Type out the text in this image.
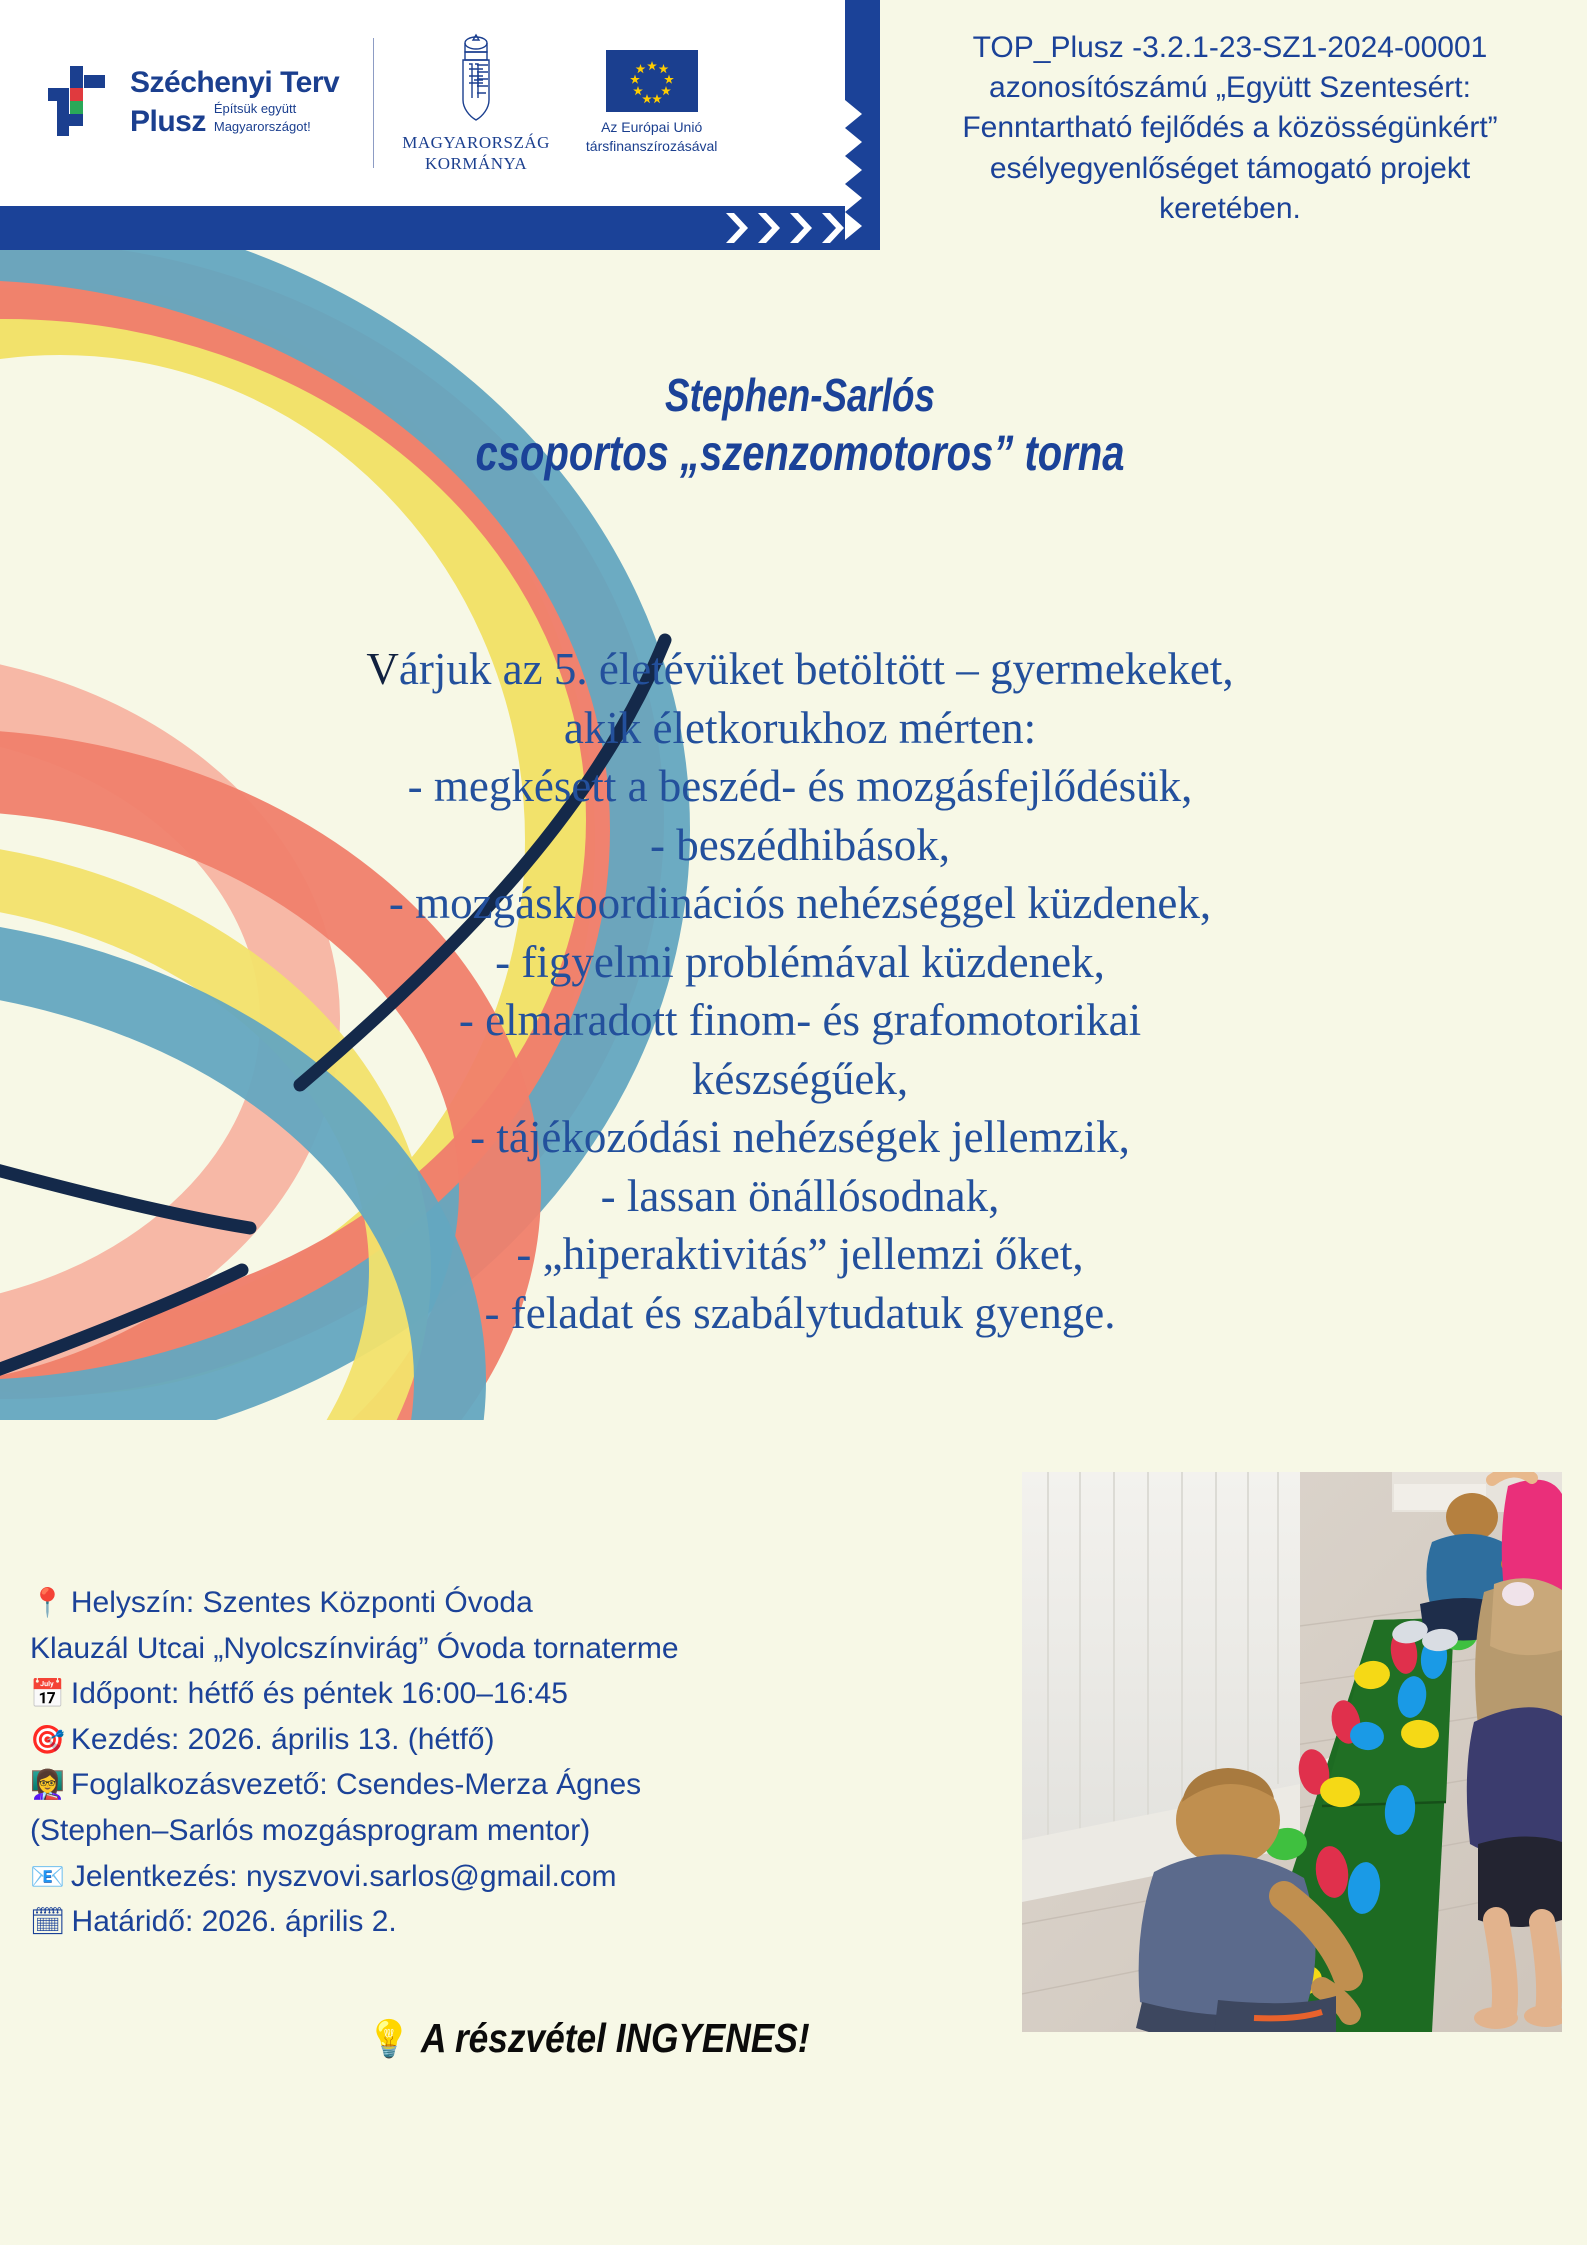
Széchenyi Terv
Plusz Építsük együtt
Magyarországot!
MAGYARORSZÁG
KORMÁNYA
Az Európai Unió
társfinanszírozásával
TOP_Plusz -3.2.1-23-SZ1-2024-00001
azonosítószámú „Együtt Szentesért:
Fenntartható fejlődés a közösségünkért”
esélyegyenlőséget támogató projekt
keretében.
Stephen-Sarlós
csoportos „szenzomotoros” torna
Várjuk az 5. életévüket betöltött – gyermekeket,
akik életkorukhoz mérten:
- megkésett a beszéd- és mozgásfejlődésük,
- beszédhibások,
- mozgáskoordinációs nehézséggel küzdenek,
- figyelmi problémával küzdenek,
- elmaradott finom- és grafomotorikai
készségűek,
- tájékozódási nehézségek jellemzik,
- lassan önállósodnak,
- „hiperaktivitás” jellemzi őket,
- feladat és szabálytudatuk gyenge.
📍 Helyszín: Szentes Központi Óvoda
Klauzál Utcai „Nyolcszínvirág” Óvoda tornaterme
📅 Időpont: hétfő és péntek 16:00–16:45
🎯 Kezdés: 2026. április 13. (hétfő)
👩‍🏫 Foglalkozásvezető: Csendes-Merza Ágnes
(Stephen–Sarlós mozgásprogram mentor)
📧 Jelentkezés: nyszvovi.sarlos@gmail.com
🗓 Határidő: 2026. április 2.
💡 A részvétel INGYENES!
